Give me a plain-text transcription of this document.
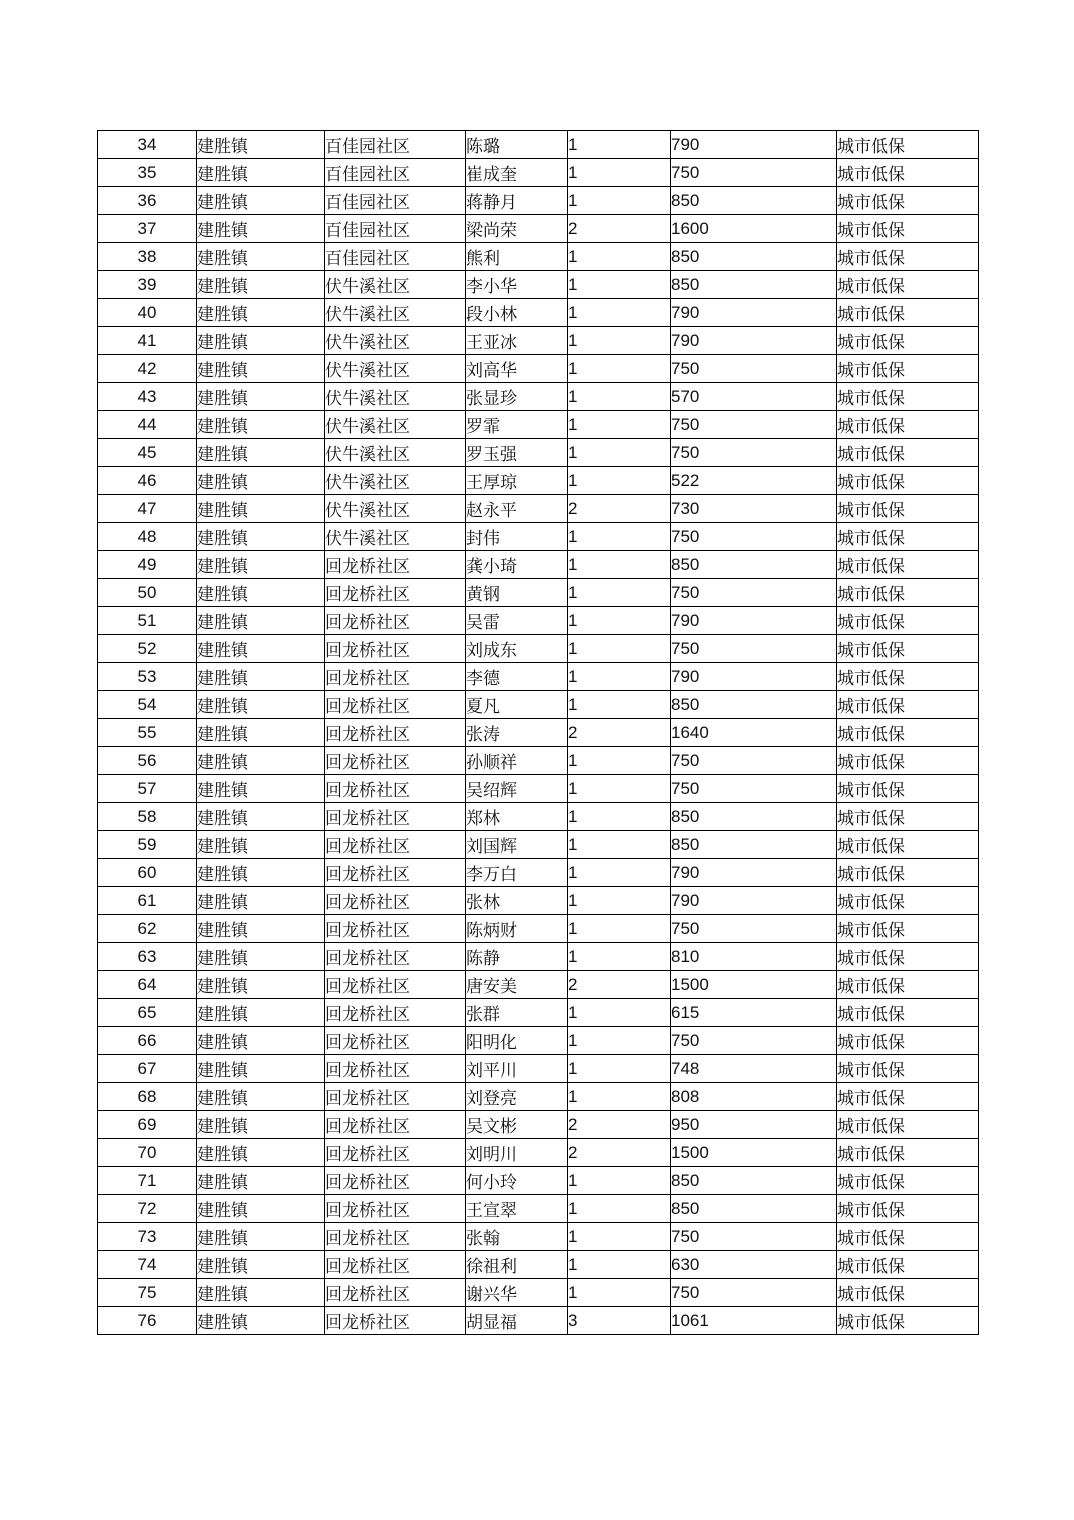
34	建胜镇	百佳园社区	陈璐	1	790	城市低保
35	建胜镇	百佳园社区	崔成奎	1	750	城市低保
36	建胜镇	百佳园社区	蒋静月	1	850	城市低保
37	建胜镇	百佳园社区	梁尚荣	2	1600	城市低保
38	建胜镇	百佳园社区	熊利	1	850	城市低保
39	建胜镇	伏牛溪社区	李小华	1	850	城市低保
40	建胜镇	伏牛溪社区	段小林	1	790	城市低保
41	建胜镇	伏牛溪社区	王亚冰	1	790	城市低保
42	建胜镇	伏牛溪社区	刘高华	1	750	城市低保
43	建胜镇	伏牛溪社区	张显珍	1	570	城市低保
44	建胜镇	伏牛溪社区	罗霏	1	750	城市低保
45	建胜镇	伏牛溪社区	罗玉强	1	750	城市低保
46	建胜镇	伏牛溪社区	王厚琼	1	522	城市低保
47	建胜镇	伏牛溪社区	赵永平	2	730	城市低保
48	建胜镇	伏牛溪社区	封伟	1	750	城市低保
49	建胜镇	回龙桥社区	龚小琦	1	850	城市低保
50	建胜镇	回龙桥社区	黄钢	1	750	城市低保
51	建胜镇	回龙桥社区	吴雷	1	790	城市低保
52	建胜镇	回龙桥社区	刘成东	1	750	城市低保
53	建胜镇	回龙桥社区	李德	1	790	城市低保
54	建胜镇	回龙桥社区	夏凡	1	850	城市低保
55	建胜镇	回龙桥社区	张涛	2	1640	城市低保
56	建胜镇	回龙桥社区	孙顺祥	1	750	城市低保
57	建胜镇	回龙桥社区	吴绍辉	1	750	城市低保
58	建胜镇	回龙桥社区	郑林	1	850	城市低保
59	建胜镇	回龙桥社区	刘国辉	1	850	城市低保
60	建胜镇	回龙桥社区	李万白	1	790	城市低保
61	建胜镇	回龙桥社区	张林	1	790	城市低保
62	建胜镇	回龙桥社区	陈炳财	1	750	城市低保
63	建胜镇	回龙桥社区	陈静	1	810	城市低保
64	建胜镇	回龙桥社区	唐安美	2	1500	城市低保
65	建胜镇	回龙桥社区	张群	1	615	城市低保
66	建胜镇	回龙桥社区	阳明化	1	750	城市低保
67	建胜镇	回龙桥社区	刘平川	1	748	城市低保
68	建胜镇	回龙桥社区	刘登亮	1	808	城市低保
69	建胜镇	回龙桥社区	吴文彬	2	950	城市低保
70	建胜镇	回龙桥社区	刘明川	2	1500	城市低保
71	建胜镇	回龙桥社区	何小玲	1	850	城市低保
72	建胜镇	回龙桥社区	王宣翠	1	850	城市低保
73	建胜镇	回龙桥社区	张翰	1	750	城市低保
74	建胜镇	回龙桥社区	徐祖利	1	630	城市低保
75	建胜镇	回龙桥社区	谢兴华	1	750	城市低保
76	建胜镇	回龙桥社区	胡显福	3	1061	城市低保
